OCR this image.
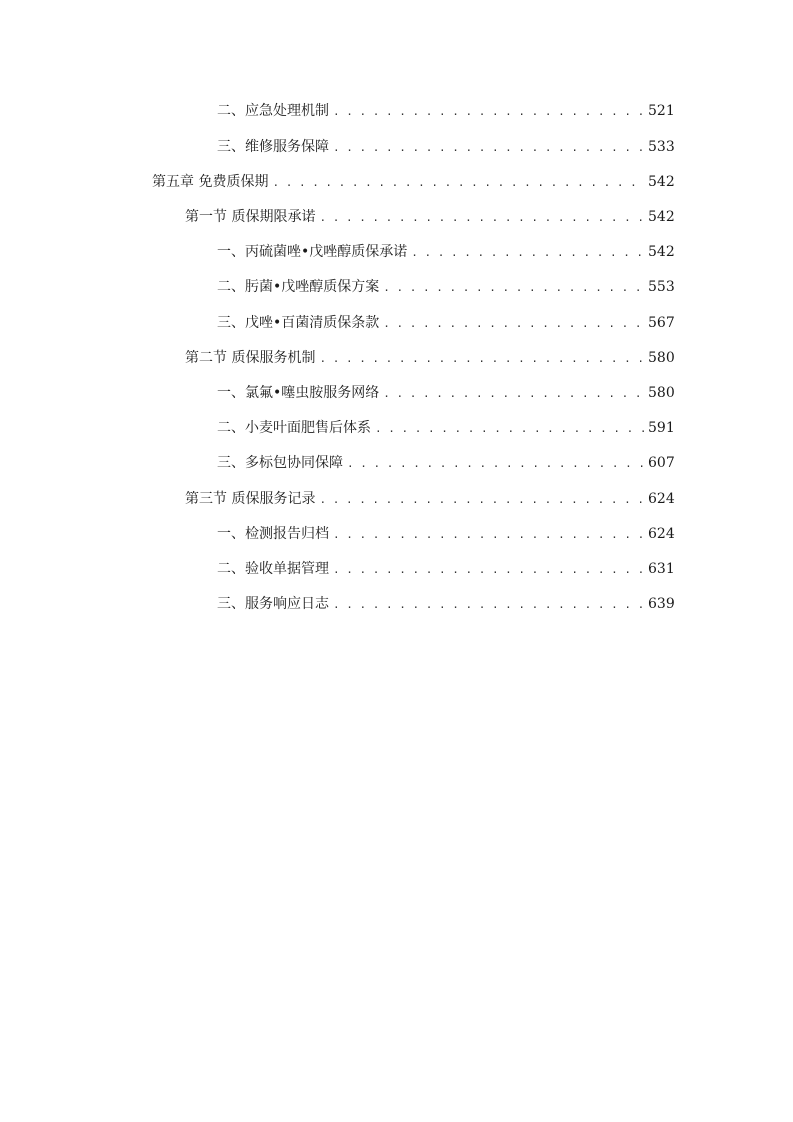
二、 应急处理机制 . . .	521
三、 维修服务保障 . . .	533
第五章 免费质保期 . . .	542
第一节 质保期限承诺 . . .	542
一、 丙硫菌唑•戊唑醇质保承诺 . . .	542
二、 肟菌•戊唑醇质保方案 . . .	553
三、 戊唑•百菌清质保条款 . . .	567
第二节 质保服务机制 . . .	580
一、 氯氟•噻虫胺服务网络 . . .	580
二、 小麦叶面肥售后体系 . . .	591
三、 多标包协同保障 . . .	607
第三节 质保服务记录 . . .	624
一、 检测报告归档 . . .	624
二、 验收单据管理 . . .	631
三、 服务响应日志 . . .	639
